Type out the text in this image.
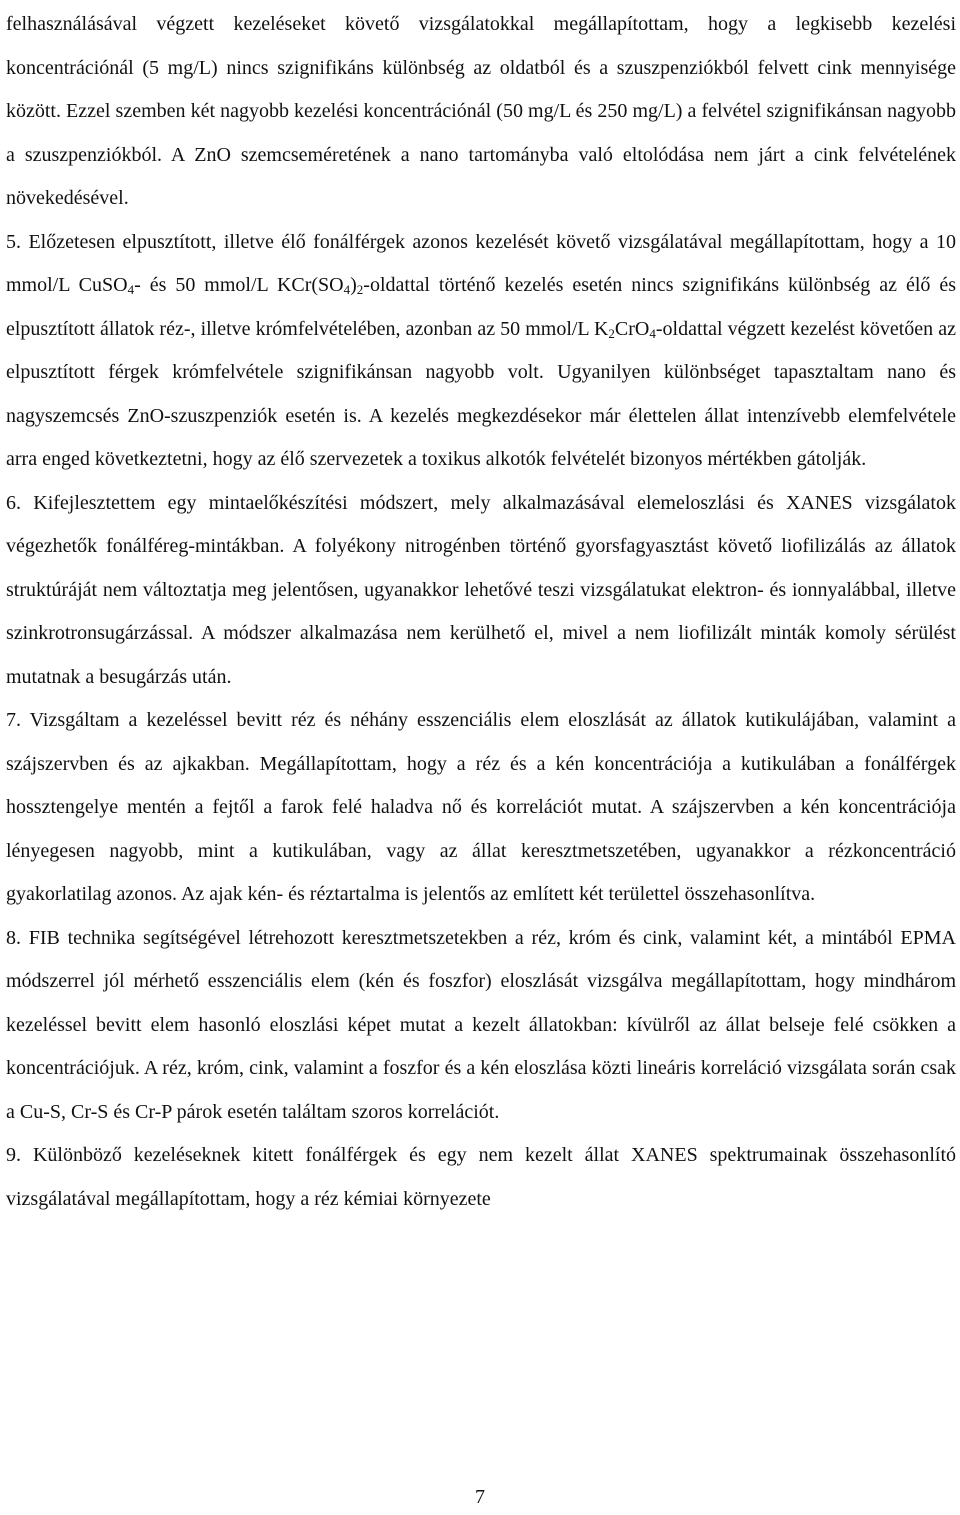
felhasználásával végzett kezeléseket követő vizsgálatokkal megállapítottam, hogy a legkisebb kezelési koncentrációnál (5 mg/L) nincs szignifikáns különbség az oldatból és a szuszpenziókból felvett cink mennyisége között. Ezzel szemben két nagyobb kezelési koncentrációnál (50 mg/L és 250 mg/L) a felvétel szignifikánsan nagyobb a szuszpenziókból. A ZnO szemcseméretének a nano tartományba való eltolódása nem járt a cink felvételének növekedésével.

5. Előzetesen elpusztított, illetve élő fonálférgek azonos kezelését követő vizsgálatával megállapítottam, hogy a 10 mmol/L CuSO$_4$- és 50 mmol/L $KCr(SO_4)_2$-oldattal történő kezelés esetén nincs szignifikáns különbség az élő és elpusztított állatok réz-, illetve krómfelvételében, azonban az 50 mmol/L $K_2CrO_4$-oldattal végzett kezelést követően az elpusztított férgek krómfelvétele szignifikánsan nagyobb volt. Ugyanilyen különbséget tapasztaltam nano és nagyszemcsés ZnO-szuszpenziók esetén is. A kezelés megkezdésekor már élettelen állat intenzívebb elemfelvétele arra enged következtetni, hogy az élő szervezetek a toxikus alkotók felvételét bizonyos mértékben gátolják.

6. Kifejlesztettem egy mintaelőkészítési módszert, mely alkalmazásával elemeloszlási és XANES vizsgálatok végezhetők fonálféreg-mintákban. A folyékony nitrogénben történő gyorsfagyasztást követő liofilizálás az állatok struktúráját nem változtatja meg jelentősen, ugyanakkor lehetővé teszi vizsgálatukat elektron- és ionnyalábbal, illetve szinkrotronsugárzással. A módszer alkalmazása nem kerülhető el, mivel a nem liofilizált minták komoly sérülést mutatnak a besugárzás után.

7. Vizsgáltam a kezeléssel bevitt réz és néhány esszenciális elem eloszlását az állatok kutikulájában, valamint a szájszervben és az ajkakban. Megállapítottam, hogy a réz és a kén koncentrációja a kutikulában a fonálférgek hossztengelye mentén a fejtől a farok felé haladva nő és korrelációt mutat. A szájszervben a kén koncentrációja lényegesen nagyobb, mint a kutikulában, vagy az állat keresztmetszetében, ugyanakkor a rézkoncentráció gyakorlatilag azonos. Az ajak kén- és réztartalma is jelentős az említett két területtel összehasonlítva.

8. FIB technika segítségével létrehozott keresztmetszetekben a réz, króm és cink, valamint két, a mintából EPMA módszerrel jól mérhető esszenciális elem (kén és foszfor) eloszlását vizsgálva megállapítottam, hogy mindhárom kezeléssel bevitt elem hasonló eloszlási képet mutat a kezelt állatokban: kívülről az állat belseje felé csökken a koncentrációjuk. A réz, króm, cink, valamint a foszfor és a kén eloszlása közti lineáris korreláció vizsgálata során csak a Cu-S, Cr-S és Cr-P párok esetén találtam szoros korrelációt.

9. Különböző kezeléseknek kitett fonálférgek és egy nem kezelt állat XANES spektrumainak összehasonlító vizsgálatával megállapítottam, hogy a réz kémiai környezete

7
